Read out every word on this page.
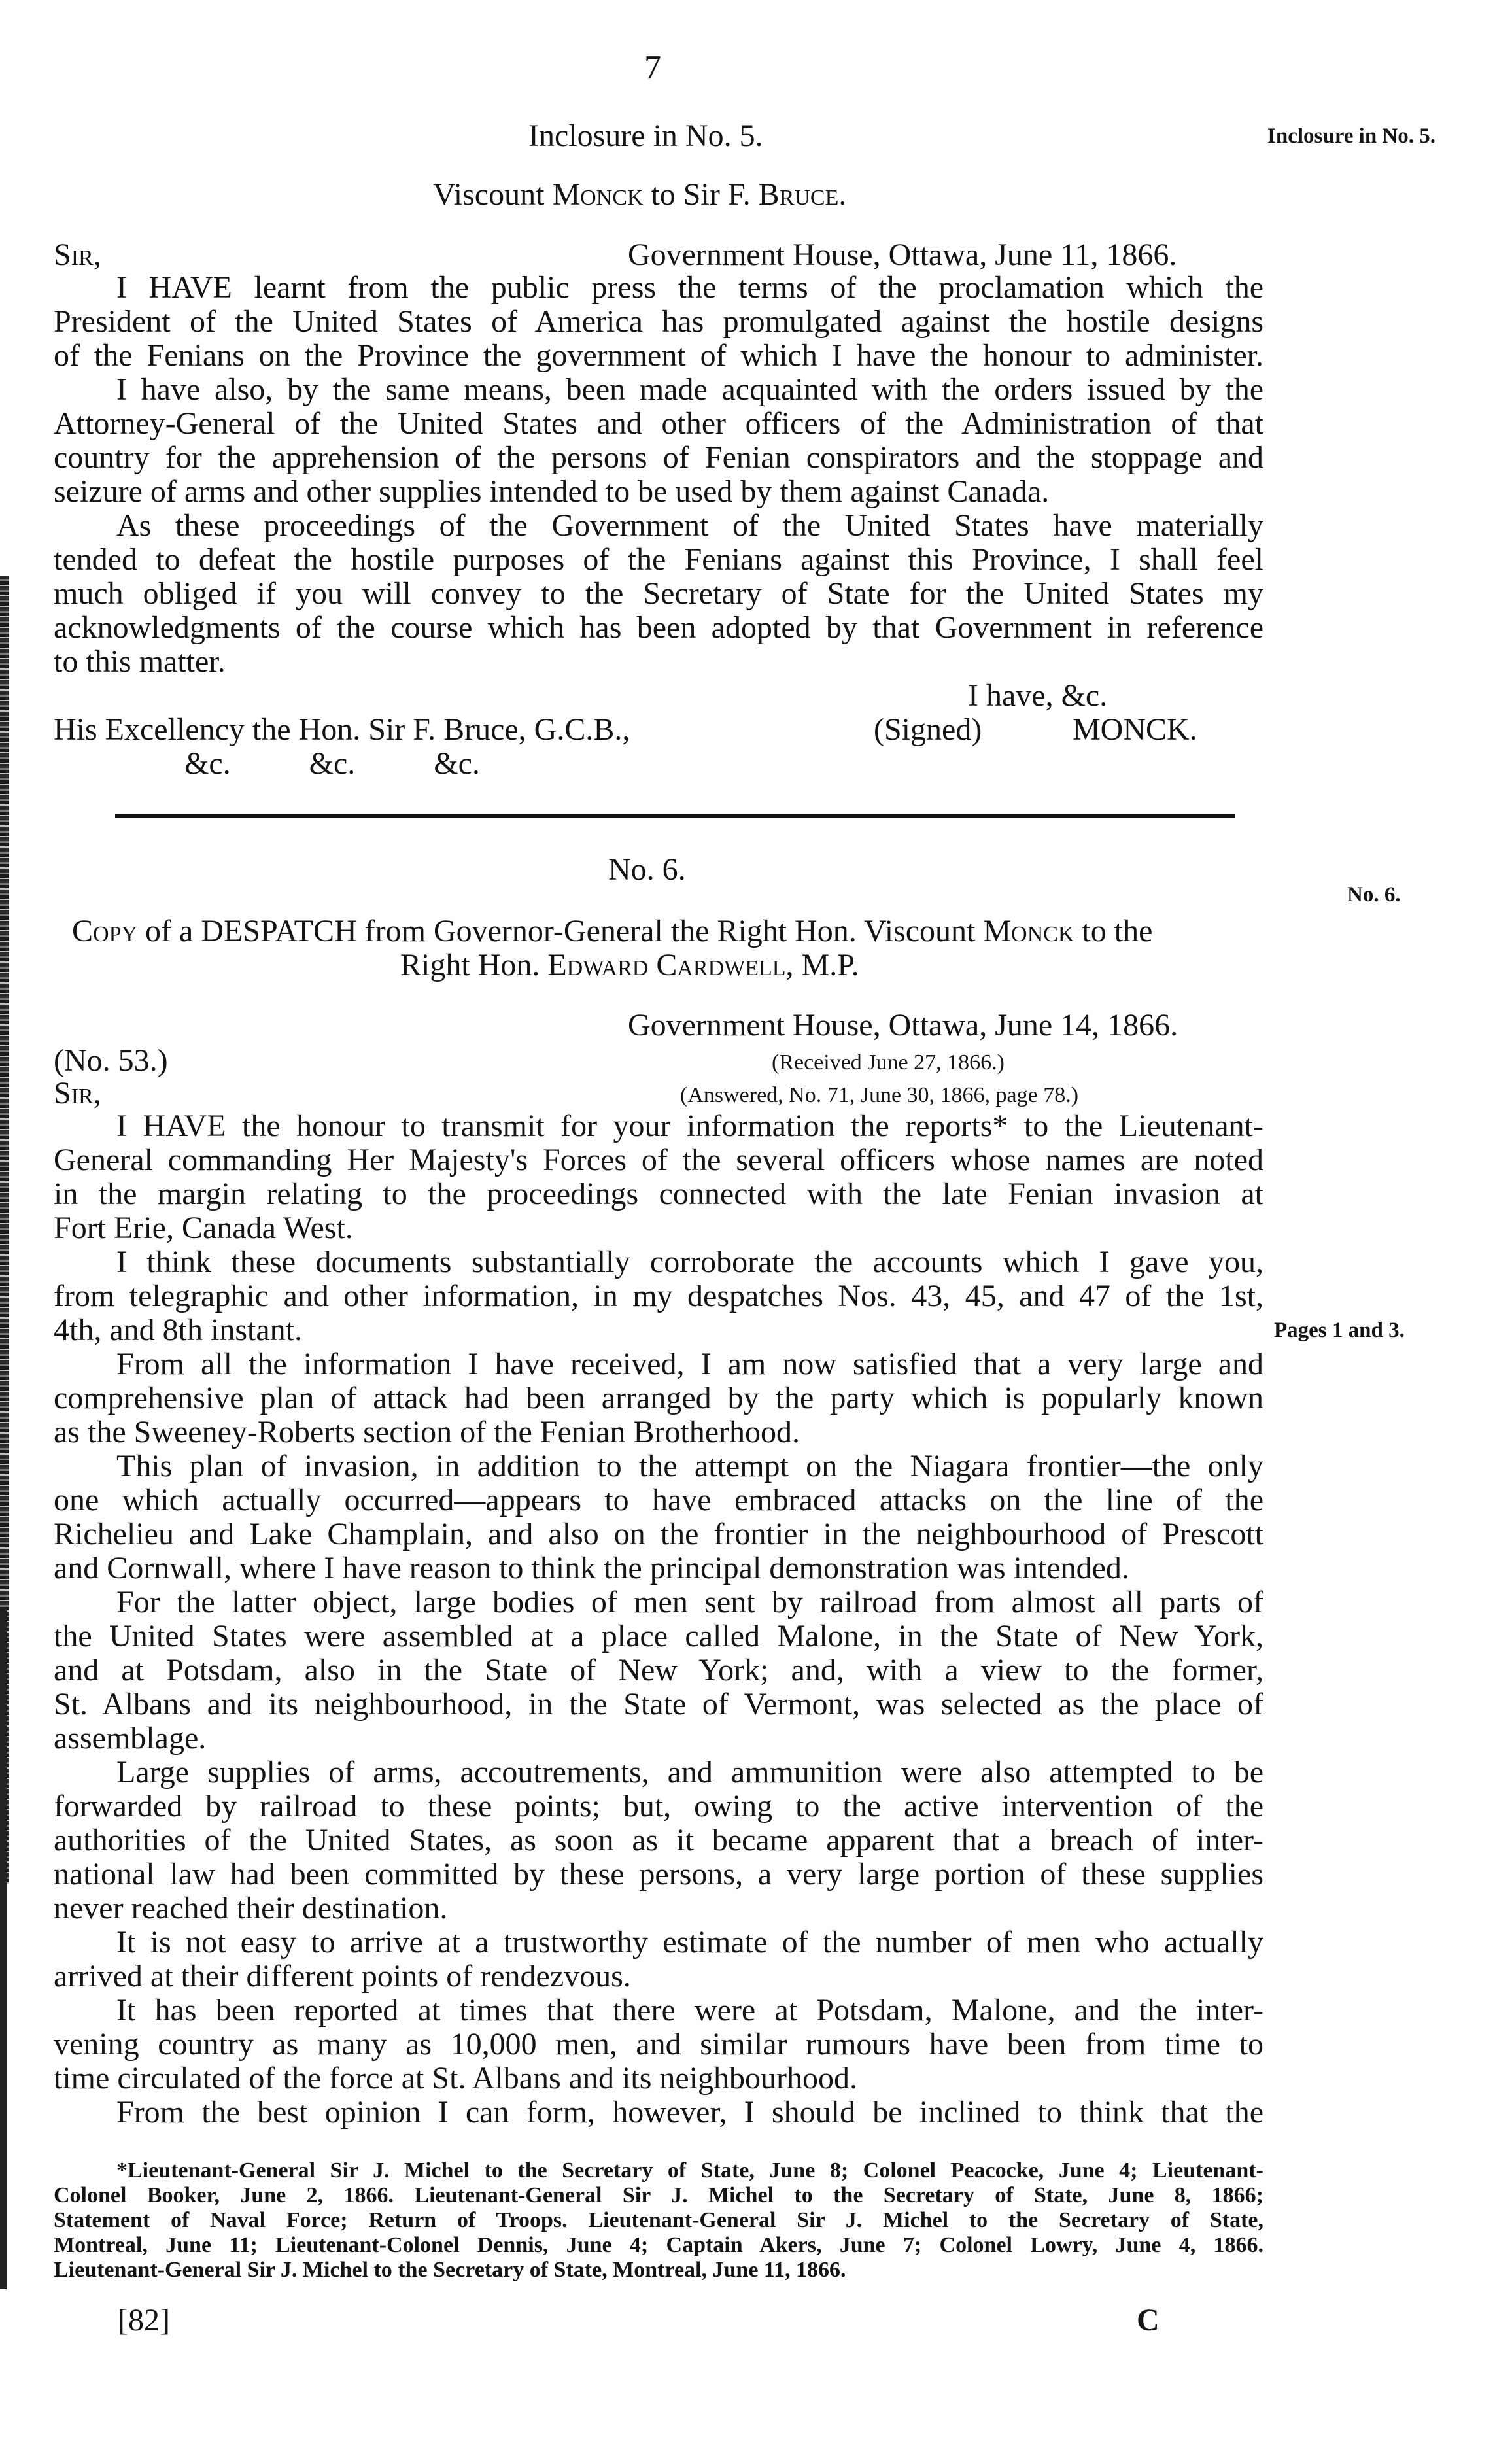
7
Inclosure in No. 5.
No. 6.
Pages 1 and 3.
Inclosure in No. 5.
Viscount Monck to Sir F. Bruce.
Sir,	Government House, Ottawa, June 11, 1866.
I HAVE learnt from the public press the terms of the proclamation which the
President of the United States of America has promulgated against the hostile designs
of the Fenians on the Province the government of which I have the honour to administer.
I have also, by the same means, been made acquainted with the orders issued by the
Attorney-General of the United States and other officers of the Administration of that
country for the apprehension of the persons of Fenian conspirators and the stoppage and
seizure of arms and other supplies intended to be used by them against Canada.
As these proceedings of the Government of the United States have materially
tended to defeat the hostile purposes of the Fenians against this Province, I shall feel
much obliged if you will convey to the Secretary of State for the United States my
acknowledgments of the course which has been adopted by that Government in reference
to this matter.
I have, &c.
His Excellency the Hon. Sir F. Bruce, G.C.B.,	(Signed)	MONCK.
&c.          &c.          &c.
No. 6.
Copy of a DESPATCH from Governor-General the Right Hon. Viscount Monck to the
Right Hon. Edward Cardwell, M.P.
Government House, Ottawa, June 14, 1866.
(No. 53.)	(Received June 27, 1866.)
Sir,	(Answered, No. 71, June 30, 1866, page 78.)
I HAVE the honour to transmit for your information the reports* to the Lieutenant-
General commanding Her Majesty's Forces of the several officers whose names are noted
in the margin relating to the proceedings connected with the late Fenian invasion at
Fort Erie, Canada West.
I think these documents substantially corroborate the accounts which I gave you,
from telegraphic and other information, in my despatches Nos. 43, 45, and 47 of the 1st,
4th, and 8th instant.
From all the information I have received, I am now satisfied that a very large and
comprehensive plan of attack had been arranged by the party which is popularly known
as the Sweeney-Roberts section of the Fenian Brotherhood.
This plan of invasion, in addition to the attempt on the Niagara frontier—the only
one which actually occurred—appears to have embraced attacks on the line of the
Richelieu and Lake Champlain, and also on the frontier in the neighbourhood of Prescott
and Cornwall, where I have reason to think the principal demonstration was intended.
For the latter object, large bodies of men sent by railroad from almost all parts of
the United States were assembled at a place called Malone, in the State of New York,
and at Potsdam, also in the State of New York; and, with a view to the former,
St. Albans and its neighbourhood, in the State of Vermont, was selected as the place of
assemblage.
Large supplies of arms, accoutrements, and ammunition were also attempted to be
forwarded by railroad to these points; but, owing to the active intervention of the
authorities of the United States, as soon as it became apparent that a breach of inter-
national law had been committed by these persons, a very large portion of these supplies
never reached their destination.
It is not easy to arrive at a trustworthy estimate of the number of men who actually
arrived at their different points of rendezvous.
It has been reported at times that there were at Potsdam, Malone, and the inter-
vening country as many as 10,000 men, and similar rumours have been from time to
time circulated of the force at St. Albans and its neighbourhood.
From the best opinion I can form, however, I should be inclined to think that the
*Lieutenant-General Sir J. Michel to the Secretary of State, June 8; Colonel Peacocke, June 4; Lieutenant-
Colonel Booker, June 2, 1866. Lieutenant-General Sir J. Michel to the Secretary of State, June 8, 1866;
Statement of Naval Force; Return of Troops. Lieutenant-General Sir J. Michel to the Secretary of State,
Montreal, June 11; Lieutenant-Colonel Dennis, June 4; Captain Akers, June 7; Colonel Lowry, June 4, 1866.
Lieutenant-General Sir J. Michel to the Secretary of State, Montreal, June 11, 1866.
[82]	C
